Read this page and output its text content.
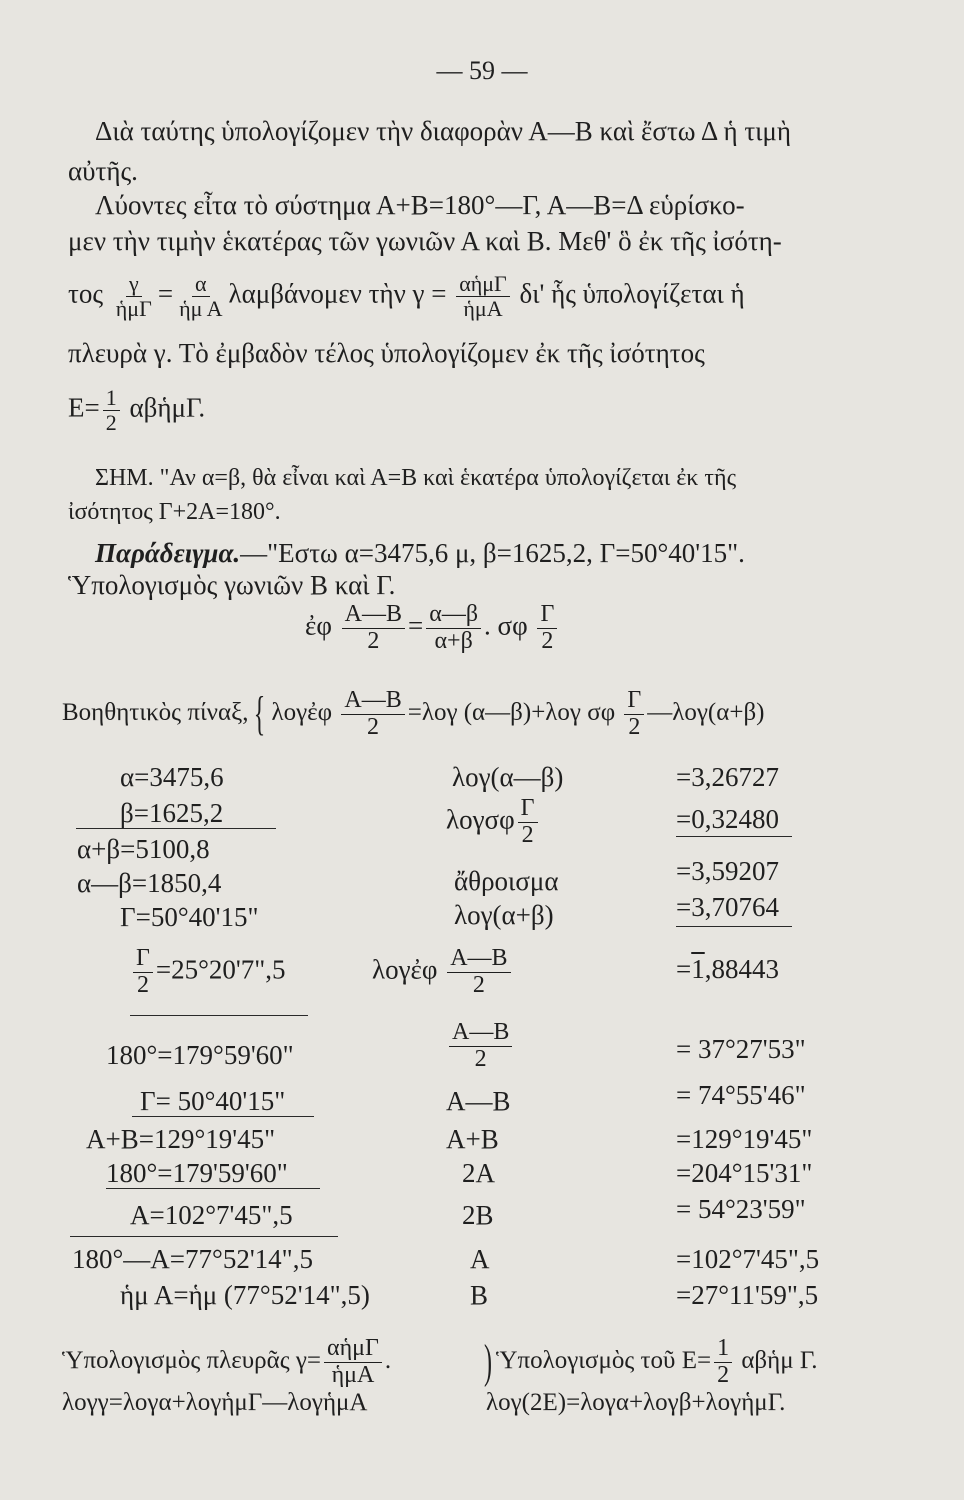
— 59 —
Διὰ ταύτης ὑπολογίζομεν τὴν διαφορὰν Α—Β καὶ ἔστω Δ ἡ τιμὴ
αὐτῆς.
Λύοντες εἶτα τὸ σύστημα Α+Β=180°—Γ, Α—Β=Δ εὑρίσκο-
μεν τὴν τιμὴν ἑκατέρας τῶν γωνιῶν Α καὶ Β. Μεθ' ὃ ἐκ τῆς ἰσότη-
τος $\frac{\gamma}{\text{ἡμΓ}} = \frac{\alpha}{\text{ἡμ Α}}$ λαμβάνομεν τὴν $\gamma = \frac{\text{αἡμΓ}}{\text{ἡμΑ}} \delta\iota'$ ἧς ὑπολογίζεται ἡ
πλευρὰ γ. Τὸ ἐμβαδὸν τέλος ὑπολογίζομεν ἐκ τῆς ἰσότητος
$E= \frac{1}{2}$ αβἡμΓ.
ΣΗΜ. "Αν α=β, θὰ εἶναι καὶ Α=Β καὶ ἑκατέρα ὑπολογίζεται ἐκ τῆς
ἰσότητος Γ+2Α=180°.
Παράδειγμα.—"Εστω α=3475,6 μ, β=1625,2, Γ=50°40'15".
Ὑπολογισμὸς γωνιῶν Β καὶ Γ.
ἐφ $\frac{A—B}{2} = \frac{\alpha—\beta}{\alpha+\beta}$ . σφ $\frac{\Gamma}{2}$
Βοηθητικὸς πίναξ, { λογἐφ $\frac{A—B}{2} =\lambda o\gamma$ (α—β)+λογ σφ $\frac{\Gamma}{2}$ —λογ(α+β)
α=3475,6
β=1625,2
α+β=5100,8
α—β=1850,4
Γ=50°40'15"
$\frac{\Gamma}{2}$ =25°20'7",5
180°=179°59'60"
Γ= 50°40'15"
Α+Β=129°19'45"
180°=179'59'60"
Α=102°7'45",5
180°—Α=77°52'14",5
ἡμ Α=ἡμ (77°52'14",5)
λογ(α—β)
λογσφ $\frac{\Gamma}{2}$
ἄθροισμα
λογ(α+β)
λογἐφ $\frac{A—B}{2}$
$\frac{A—B}{2}$
Α—Β
Α+Β
2Α
2Β
Α
Β
=3,26727
=0,32480
=3,59207
=3,70764
=1,88443
= 37°27'53"
= 74°55'46"
=129°19'45"
=204°15'31"
= 54°23'59"
=102°7'45",5
=27°11'59",5
Ὑπολογισμὸς πλευρᾶς $\gamma= \frac{\text{αἡμΓ}}{\text{ἡμΑ}}$ . ) Ὑπολογισμὸς τοῦ $E= \frac{1}{2}$ αβἡμ Γ.
λογγ=λογα+λογἡμΓ—λογἡμΑ	λογ(2Ε)=λογα+λογβ+λογἡμΓ.
